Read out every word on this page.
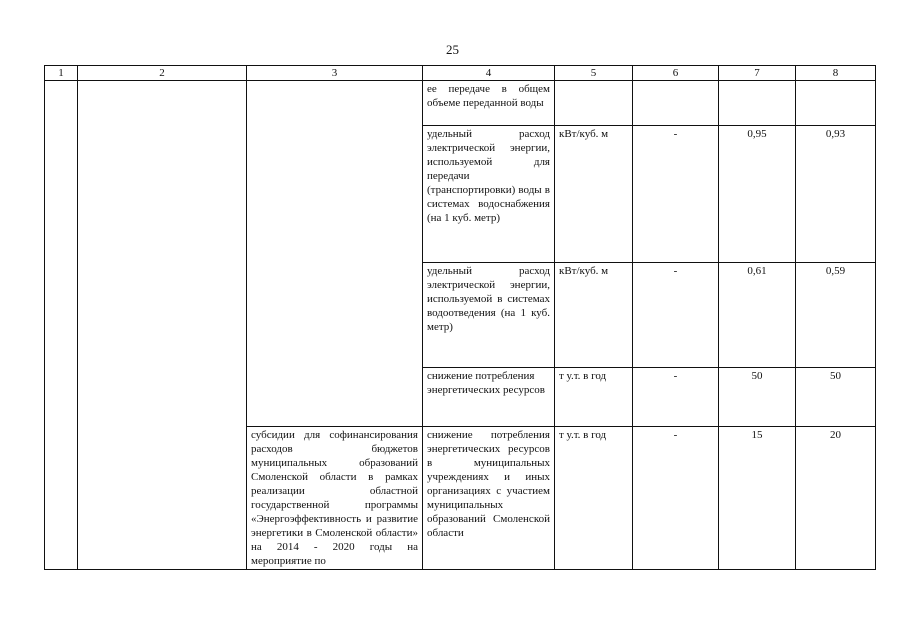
25
1	2	3	4	5	6	7	8
			ее передаче в общем объеме переданной воды				
			удельный расход электрической энергии, используемой для передачи (транспортировки) воды в системах водоснабжения (на 1 куб. метр)	кВт/куб. м	-	0,95	0,93
			удельный расход электрической энергии, используемой в системах водоотведения (на 1 куб. метр)	кВт/куб. м	-	0,61	0,59
			снижение потребления энергетических ресурсов	т у.т. в год	-	50	50
		субсидии для софинансирования расходов бюджетов муниципальных образований Смоленской области в рамках реализации областной государственной программы «Энергоэффективность и развитие энергетики в Смоленской области» на 2014 - 2020 годы на мероприятие по	снижение потребления энергетических ресурсов в муниципальных учреждениях и иных организациях с участием муниципальных образований Смоленской области	т у.т. в год	-	15	20
